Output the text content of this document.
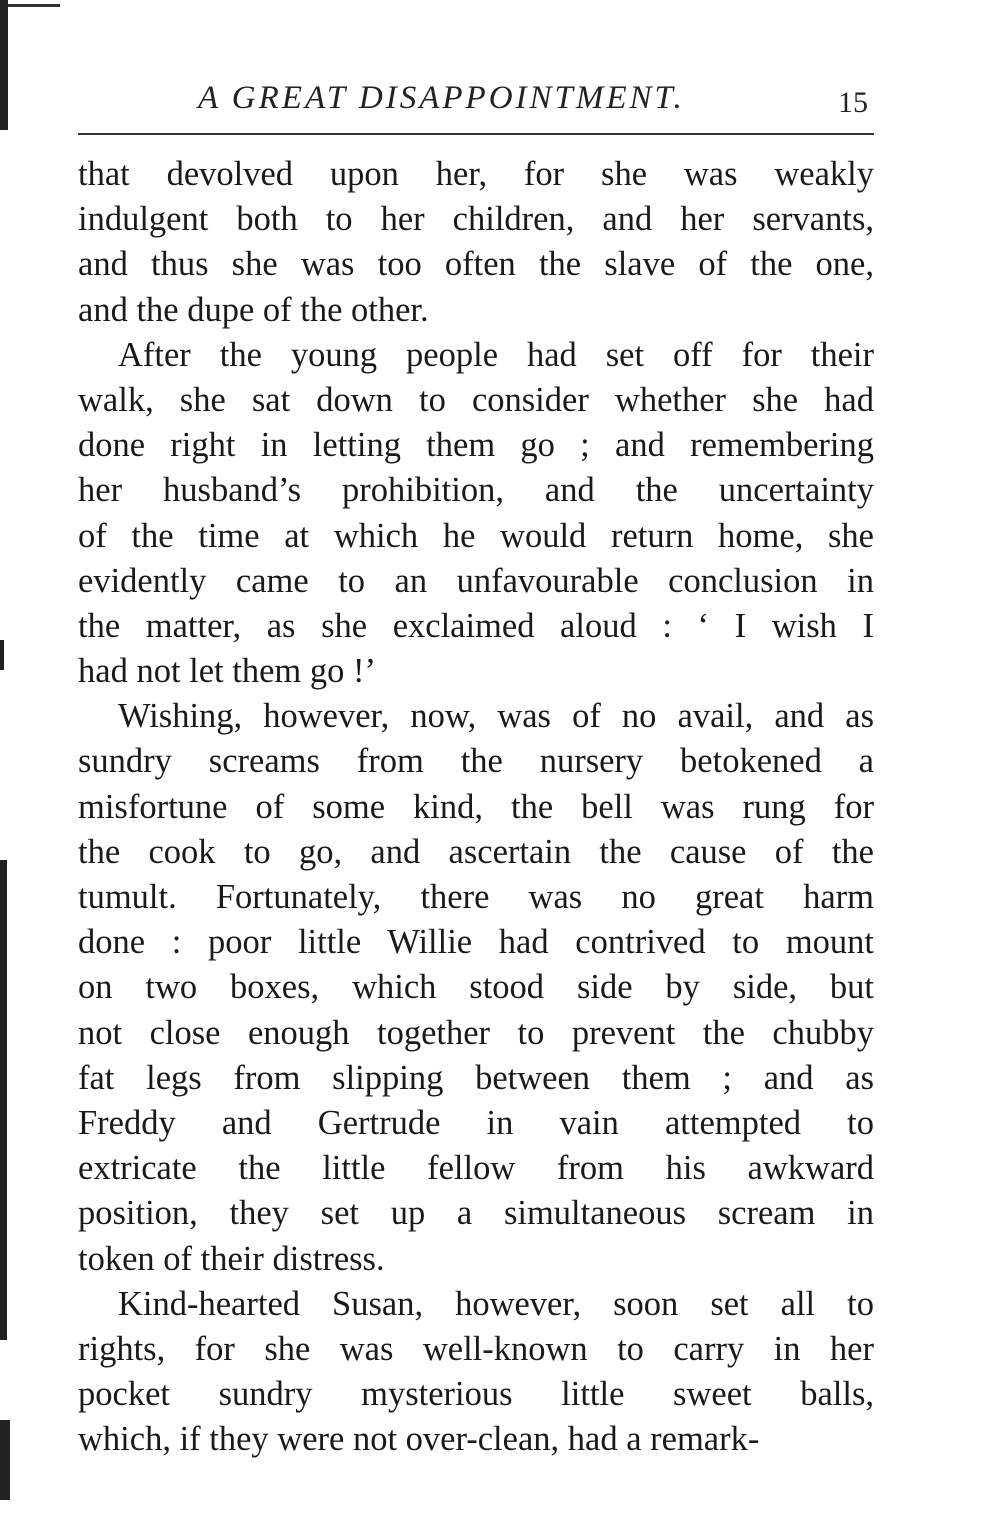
A GREAT DISAPPOINTMENT.	15
that devolved upon her, for she was weakly
indulgent both to her children, and her servants,
and thus she was too often the slave of the one,
and the dupe of the other.
After the young people had set off for their
walk, she sat down to consider whether she had
done right in letting them go ; and remembering
her husband’s prohibition, and the uncertainty
of the time at which he would return home, she
evidently came to an unfavourable conclusion in
the matter, as she exclaimed aloud : ‘ I wish I
had not let them go !’
Wishing, however, now, was of no avail, and as
sundry screams from the nursery betokened a
misfortune of some kind, the bell was rung for
the cook to go, and ascertain the cause of the
tumult. Fortunately, there was no great harm
done : poor little Willie had contrived to mount
on two boxes, which stood side by side, but
not close enough together to prevent the chubby
fat legs from slipping between them ; and as
Freddy and Gertrude in vain attempted to
extricate the little fellow from his awkward
position, they set up a simultaneous scream in
token of their distress.
Kind-hearted Susan, however, soon set all to
rights, for she was well-known to carry in her
pocket sundry mysterious little sweet balls,
which, if they were not over-clean, had a remark-
